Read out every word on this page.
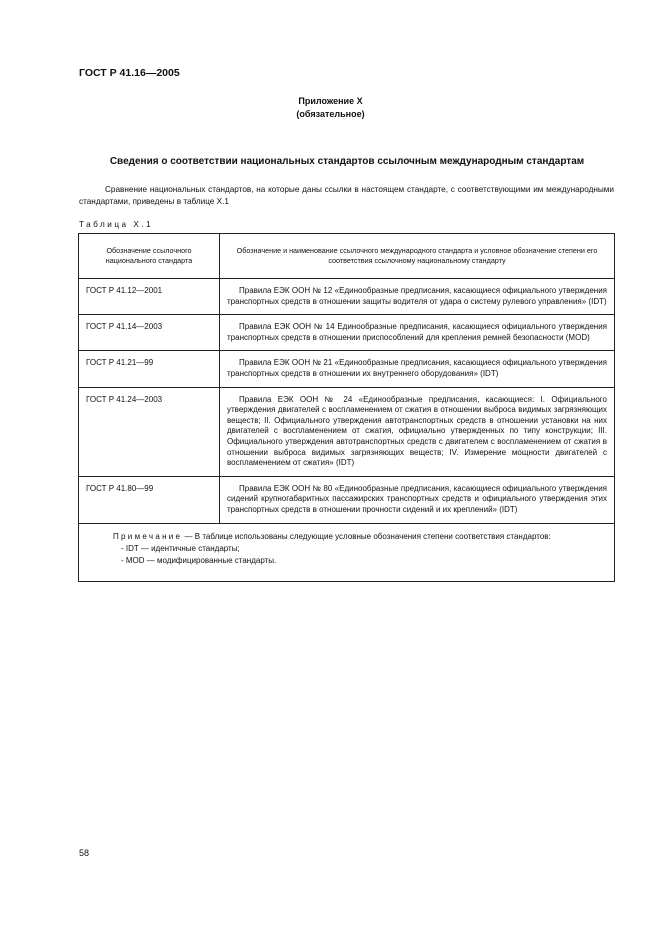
ГОСТ Р 41.16—2005
Приложение Х
(обязательное)
Сведения о соответствии национальных стандартов ссылочным международным стандартам
Сравнение национальных стандартов, на которые даны ссылки в настоящем стандарте, с соответствующими им международными стандартами, приведены в таблице Х.1
Таблица Х.1
Обозначение ссылочного национального стандарта	Обозначение и наименование ссылочного международного стандарта и условное обозначение степени его соответствия ссылочному национальному стандарту
ГОСТ Р 41.12—2001	Правила ЕЭК ООН № 12 «Единообразные предписания, касающиеся официального утверждения транспортных средств в отношении защиты водителя от удара о систему рулевого управления» (IDT)
ГОСТ Р 41.14—2003	Правила ЕЭК ООН № 14 Единообразные предписания, касающиеся официального утверждения транспортных средств в отношении приспособлений для крепления ремней безопасности (MOD)
ГОСТ Р 41.21—99	Правила ЕЭК ООН № 21 «Единообразные предписания, касающиеся официального утверждения транспортных средств в отношении их внутреннего оборудования» (IDT)
ГОСТ Р 41.24—2003	Правила ЕЭК ООН № 24 «Единообразные предписания, касающиеся: I. Официального утверждения двигателей с воспламенением от сжатия в отношении выброса видимых загрязняющих веществ; II. Официального утверждения автотранспортных средств в отношении установки на них двигателей с воспламенением от сжатия, официально утвержденных по типу конструкции; III. Официального утверждения автотранспортных средств с двигателем с воспламенением от сжатия в отношении выброса видимых загрязняющих веществ; IV. Измерение мощности двигателей с воспламенением от сжатия» (IDT)
ГОСТ Р 41.80—99	Правила ЕЭК ООН № 80 «Единообразные предписания, касающиеся официального утверждения сидений крупногабаритных пассажирских транспортных средств и официального утверждения этих транспортных средств в отношении прочности сидений и их креплений» (IDT)

Примечание — В таблице использованы следующие условные обозначения степени соответствия стандартов:
- IDT — идентичные стандарты;
- MOD — модифицированные стандарты.	
58
